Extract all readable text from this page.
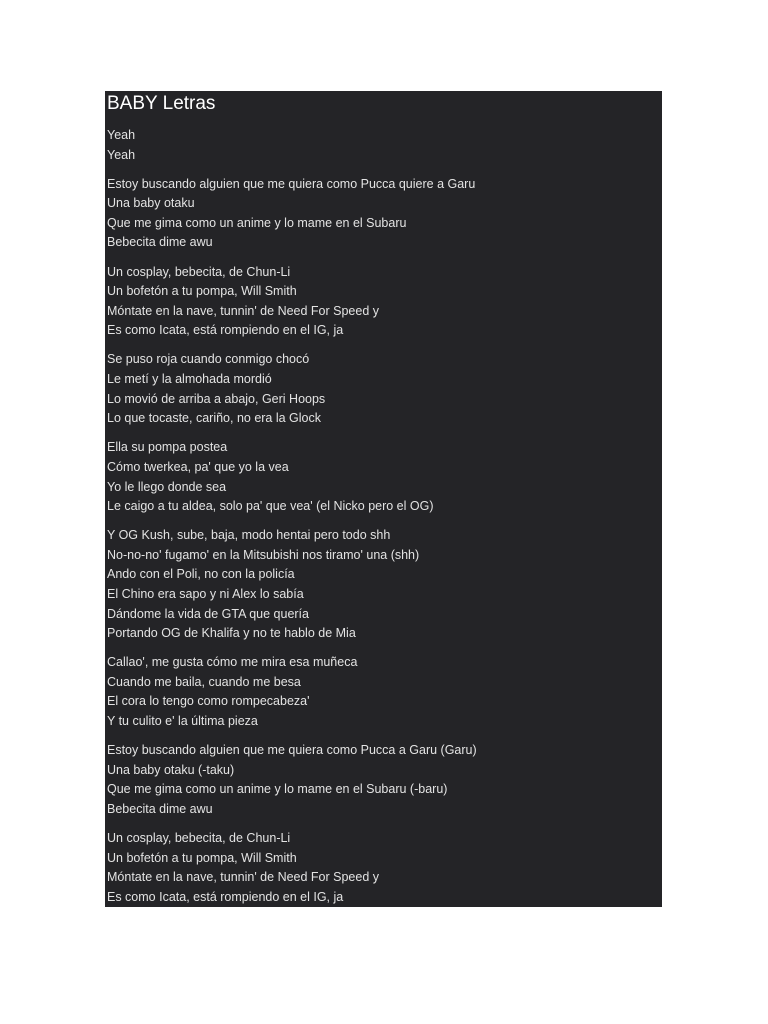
BABY Letras
Yeah
Yeah
Estoy buscando alguien que me quiera como Pucca quiere a Garu
Una baby otaku
Que me gima como un anime y lo mame en el Subaru
Bebecita dime awu
Un cosplay, bebecita, de Chun-Li
Un bofetón a tu pompa, Will Smith
Móntate en la nave, tunnin' de Need For Speed y
Es como Icata, está rompiendo en el IG, ja
Se puso roja cuando conmigo chocó
Le metí y la almohada mordió
Lo movió de arriba a abajo, Geri Hoops
Lo que tocaste, cariño, no era la Glock
Ella su pompa postea
Cómo twerkea, pa' que yo la vea
Yo le llego donde sea
Le caigo a tu aldea, solo pa' que vea' (el Nicko pero el OG)
Y OG Kush, sube, baja, modo hentai pero todo shh
No-no-no' fugamo' en la Mitsubishi nos tiramo' una (shh)
Ando con el Poli, no con la policía
El Chino era sapo y ni Alex lo sabía
Dándome la vida de GTA que quería
Portando OG de Khalifa y no te hablo de Mia
Callao', me gusta cómo me mira esa muñeca
Cuando me baila, cuando me besa
El cora lo tengo como rompecabeza'
Y tu culito e' la última pieza
Estoy buscando alguien que me quiera como Pucca a Garu (Garu)
Una baby otaku (-taku)
Que me gima como un anime y lo mame en el Subaru (-baru)
Bebecita dime awu
Un cosplay, bebecita, de Chun-Li
Un bofetón a tu pompa, Will Smith
Móntate en la nave, tunnin' de Need For Speed y
Es como Icata, está rompiendo en el IG, ja
